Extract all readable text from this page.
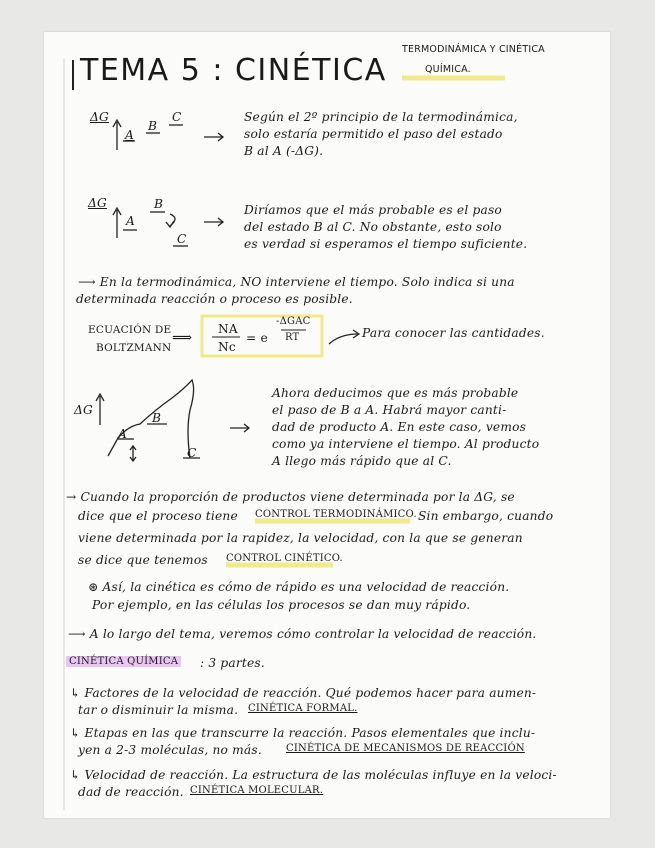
TEMA 5 : CINÉTICA
TERMODINÁMICA Y CINÉTICA
QUÍMICA.
ΔG
A
B
C	Según el 2º principio de la termodinámica,
solo estaría permitido el paso del estado
B al A (-ΔG).
ΔG
A
B
C
Diríamos que el más probable es el paso
del estado B al C. No obstante, esto solo
es verdad si esperamos el tiempo suficiente.
⟶ En la termodinámica, NO interviene el tiempo. Solo indica si una
determinada reacción o proceso es posible.
ECUACIÓN DE
BOLTZMANN
⟹
NA
Nc
= e
-ΔGAC
RT	Para conocer las cantidades.
ΔG
A
B
C
Ahora deducimos que es más probable
el paso de B a A. Habrá mayor canti-
dad de producto A. En este caso, vemos
como ya interviene el tiempo. Al producto
A llego más rápido que al C.
→ Cuando la proporción de productos viene determinada por la ΔG, se
dice que el proceso tiene CONTROL TERMODINÁMICO. Sin embargo, cuando
viene determinada por la rapidez, la velocidad, con la que se generan
se dice que tenemos CONTROL CINÉTICO.
⊛ Así, la cinética es cómo de rápido es una velocidad de reacción.
Por ejemplo, en las células los procesos se dan muy rápido.
⟶ A lo largo del tema, veremos cómo controlar la velocidad de reacción.
CINÉTICA QUÍMICA : 3 partes.
↳ Factores de la velocidad de reacción. Qué podemos hacer para aumen-
tar o disminuir la misma. CINÉTICA FORMAL.
↳ Etapas en las que transcurre la reacción. Pasos elementales que inclu-
yen a 2-3 moléculas, no más. CINÉTICA DE MECANISMOS DE REACCIÓN
↳ Velocidad de reacción. La estructura de las moléculas influye en la veloci-
dad de reacción. CINÉTICA MOLECULAR.
